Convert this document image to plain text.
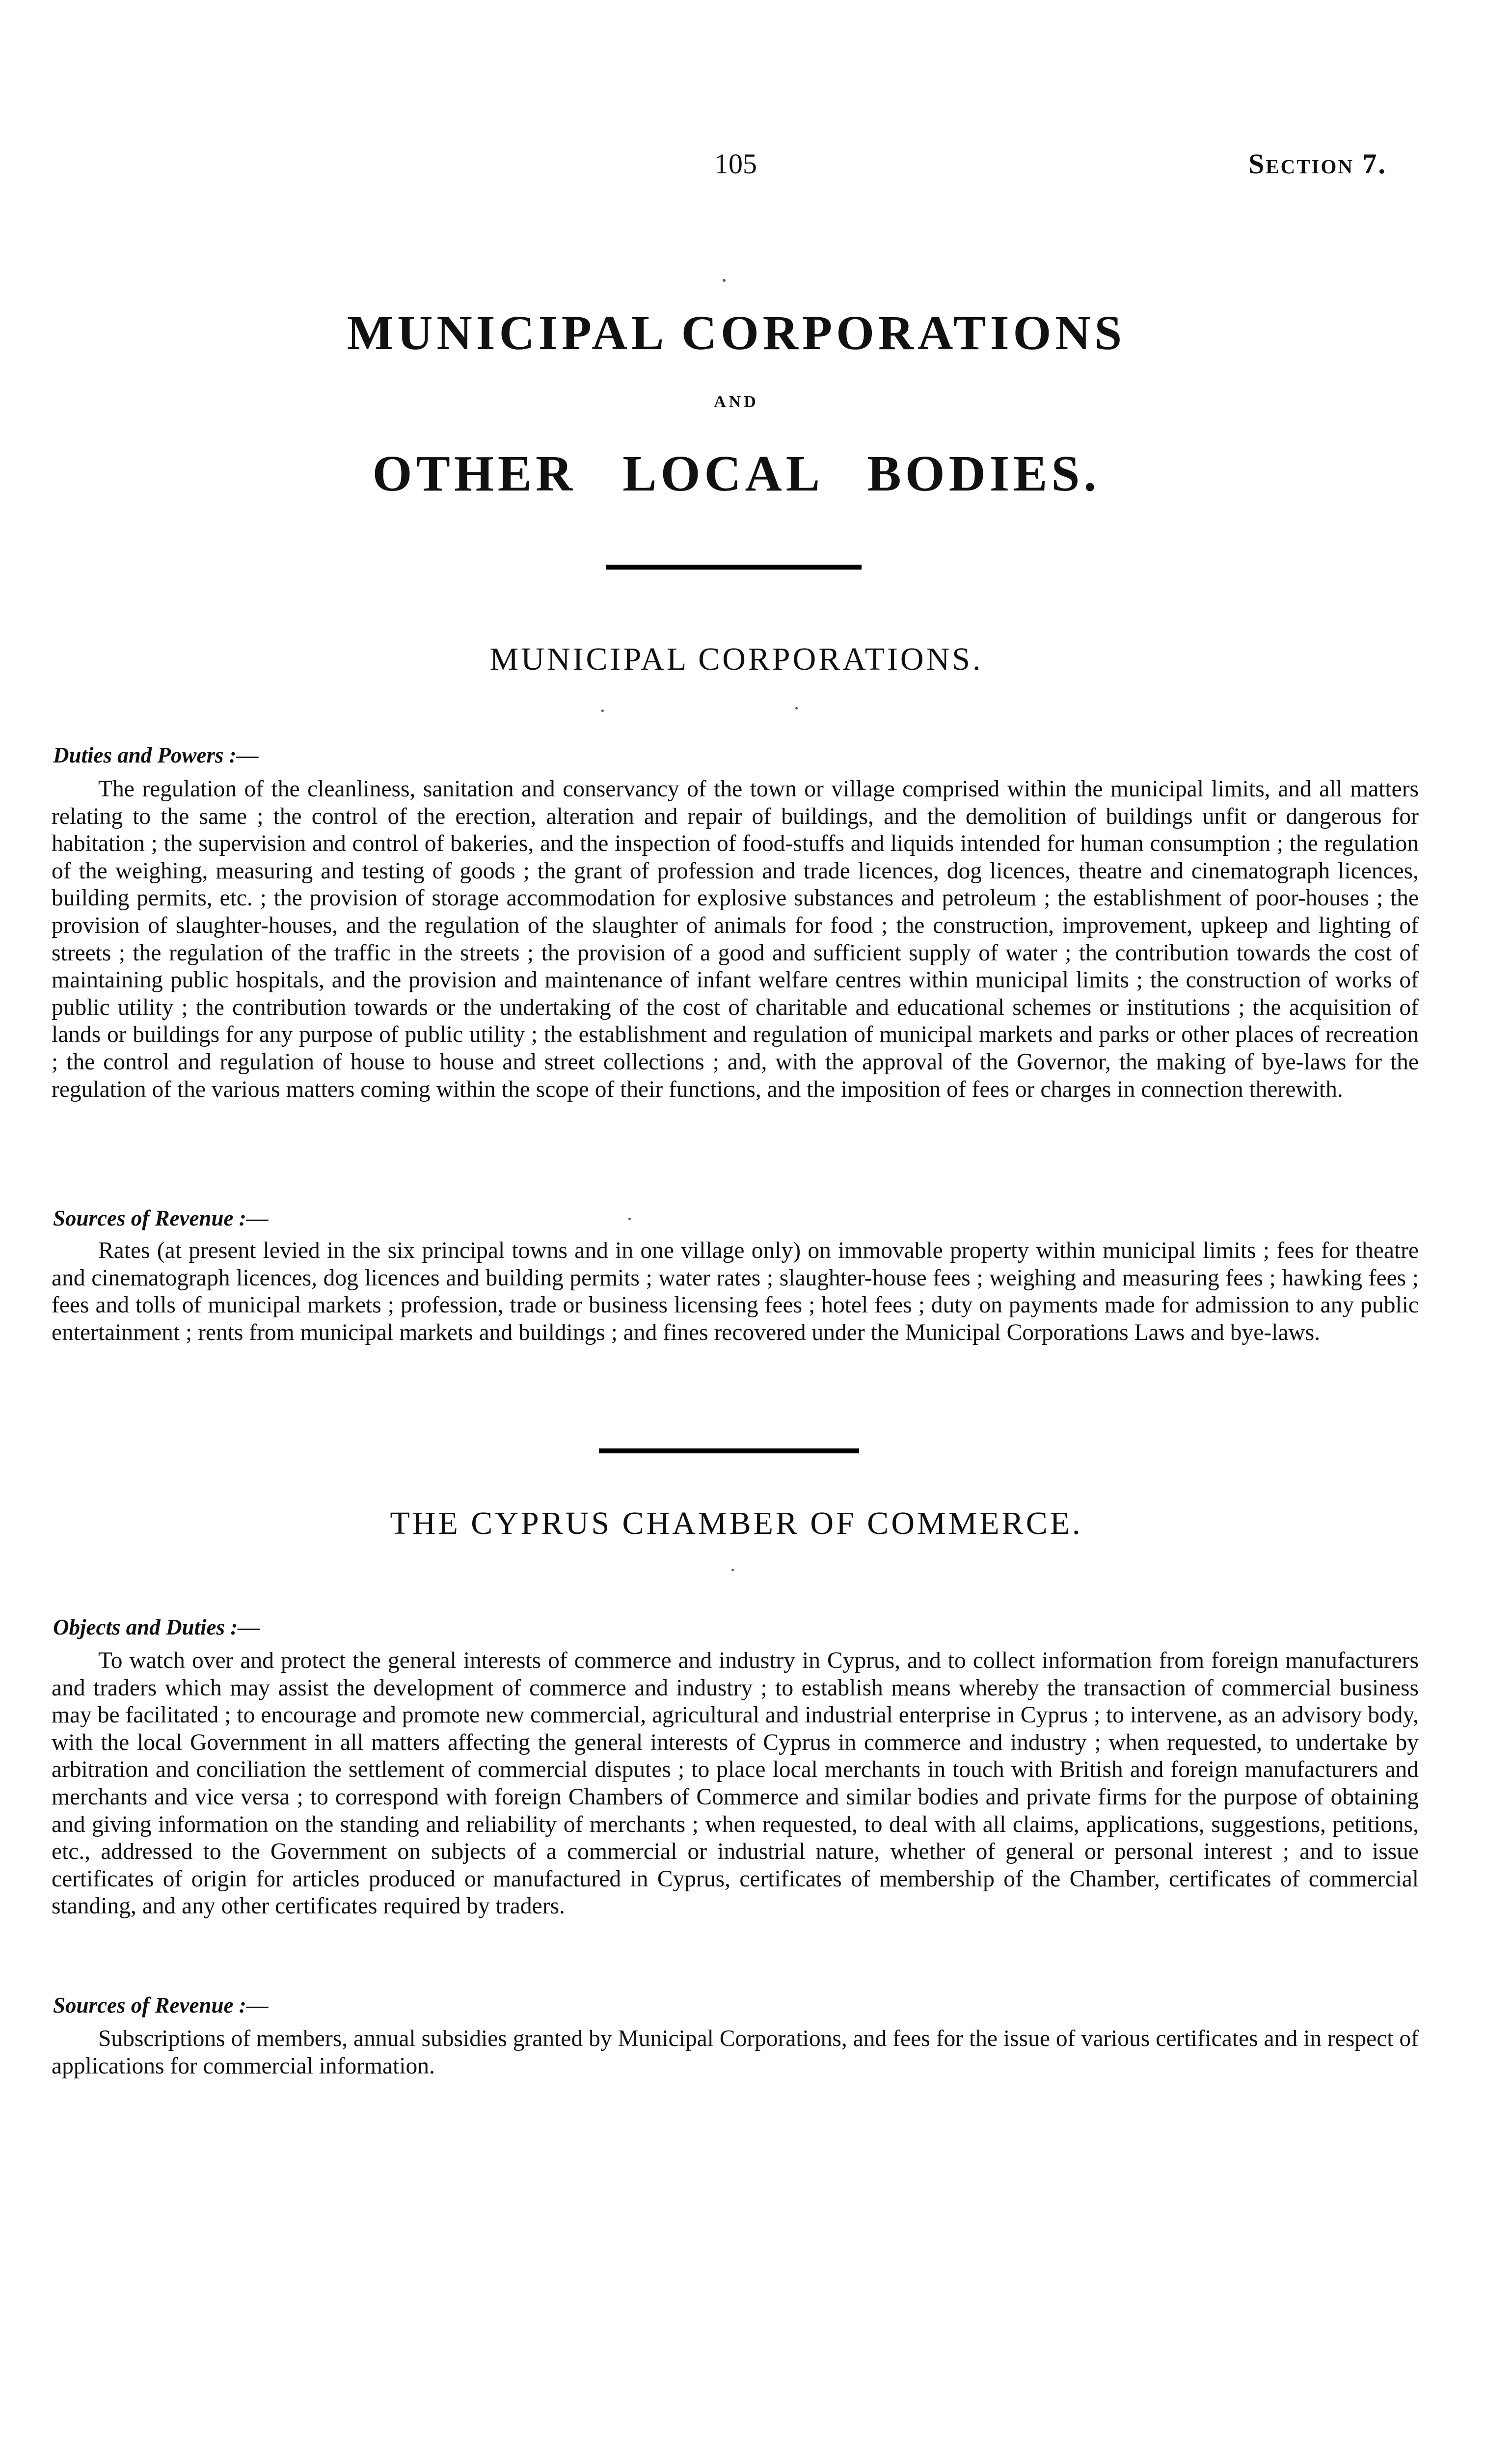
105	Section 7.
MUNICIPAL CORPORATIONS
AND
OTHER LOCAL BODIES.
MUNICIPAL CORPORATIONS.
Duties and Powers :—
The regulation of the cleanliness, sanitation and conservancy of the town or village comprised within the municipal limits, and all matters relating to the same ; the control of the erection, alteration and repair of buildings, and the demolition of buildings unfit or dangerous for habitation ; the supervision and control of bakeries, and the inspection of food-stuffs and liquids intended for human consumption ; the regulation of the weighing, measuring and testing of goods ; the grant of profession and trade licences, dog licences, theatre and cinematograph licences, building permits, etc. ; the provision of storage accommodation for explosive substances and petroleum ; the establishment of poor-houses ; the provision of slaughter-houses, and the regulation of the slaughter of animals for food ; the construction, improvement, upkeep and lighting of streets ; the regulation of the traffic in the streets ; the provision of a good and sufficient supply of water ; the contribution towards the cost of maintaining public hospitals, and the provision and maintenance of infant welfare centres within municipal limits ; the construction of works of public utility ; the contribution towards or the undertaking of the cost of charitable and educational schemes or institutions ; the acquisition of lands or buildings for any purpose of public utility ; the establishment and regulation of municipal markets and parks or other places of recreation ; the control and regulation of house to house and street collections ; and, with the approval of the Governor, the making of bye-laws for the regulation of the various matters coming within the scope of their functions, and the imposition of fees or charges in connection therewith.
Sources of Revenue :—
Rates (at present levied in the six principal towns and in one village only) on immovable property within municipal limits ; fees for theatre and cinematograph licences, dog licences and building permits ; water rates ; slaughter-house fees ; weighing and measuring fees ; hawking fees ; fees and tolls of municipal markets ; profession, trade or business licensing fees ; hotel fees ; duty on payments made for admission to any public entertainment ; rents from municipal markets and buildings ; and fines recovered under the Municipal Corporations Laws and bye-laws.
THE CYPRUS CHAMBER OF COMMERCE.
Objects and Duties :—
To watch over and protect the general interests of commerce and industry in Cyprus, and to collect information from foreign manufacturers and traders which may assist the development of commerce and industry ; to establish means whereby the transaction of commercial business may be facilitated ; to encourage and promote new commercial, agricultural and industrial enterprise in Cyprus ; to intervene, as an advisory body, with the local Government in all matters affecting the general interests of Cyprus in commerce and industry ; when requested, to undertake by arbitration and conciliation the settlement of commercial disputes ; to place local merchants in touch with British and foreign manufacturers and merchants and vice versa ; to correspond with foreign Chambers of Commerce and similar bodies and private firms for the purpose of obtaining and giving information on the standing and reliability of merchants ; when requested, to deal with all claims, applications, suggestions, petitions, etc., addressed to the Government on subjects of a commercial or industrial nature, whether of general or personal interest ; and to issue certificates of origin for articles produced or manufactured in Cyprus, certificates of membership of the Chamber, certificates of commercial standing, and any other certificates required by traders.
Sources of Revenue :—
Subscriptions of members, annual subsidies granted by Municipal Corporations, and fees for the issue of various certificates and in respect of applications for commercial information.
